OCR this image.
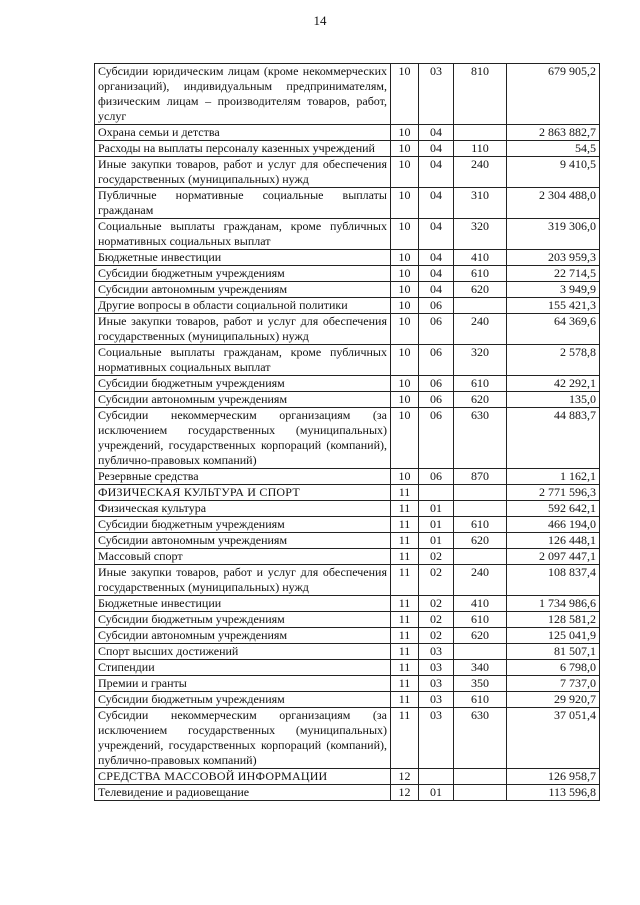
14
Субсидии юридическим лицам (кроме некоммерческих организаций), индивидуальным предпринимателям, физическим лицам – производителям товаров, работ, услуг	10	03	810	679 905,2
Охрана семьи и детства	10	04		2 863 882,7
Расходы на выплаты персоналу казенных учреждений	10	04	110	54,5
Иные закупки товаров, работ и услуг для обеспечения государственных (муниципальных) нужд	10	04	240	9 410,5
Публичные нормативные социальные выплаты гражданам	10	04	310	2 304 488,0
Социальные выплаты гражданам, кроме публичных нормативных социальных выплат	10	04	320	319 306,0
Бюджетные инвестиции	10	04	410	203 959,3
Субсидии бюджетным учреждениям	10	04	610	22 714,5
Субсидии автономным учреждениям	10	04	620	3 949,9
Другие вопросы в области социальной политики	10	06		155 421,3
Иные закупки товаров, работ и услуг для обеспечения государственных (муниципальных) нужд	10	06	240	64 369,6
Социальные выплаты гражданам, кроме публичных нормативных социальных выплат	10	06	320	2 578,8
Субсидии бюджетным учреждениям	10	06	610	42 292,1
Субсидии автономным учреждениям	10	06	620	135,0
Субсидии некоммерческим организациям (за исключением государственных (муниципальных) учреждений, государственных корпораций (компаний), публично-правовых компаний)	10	06	630	44 883,7
Резервные средства	10	06	870	1 162,1
ФИЗИЧЕСКАЯ КУЛЬТУРА И СПОРТ	11			2 771 596,3
Физическая культура	11	01		592 642,1
Субсидии бюджетным учреждениям	11	01	610	466 194,0
Субсидии автономным учреждениям	11	01	620	126 448,1
Массовый спорт	11	02		2 097 447,1
Иные закупки товаров, работ и услуг для обеспечения государственных (муниципальных) нужд	11	02	240	108 837,4
Бюджетные инвестиции	11	02	410	1 734 986,6
Субсидии бюджетным учреждениям	11	02	610	128 581,2
Субсидии автономным учреждениям	11	02	620	125 041,9
Спорт высших достижений	11	03		81 507,1
Стипендии	11	03	340	6 798,0
Премии и гранты	11	03	350	7 737,0
Субсидии бюджетным учреждениям	11	03	610	29 920,7
Субсидии некоммерческим организациям (за исключением государственных (муниципальных) учреждений, государственных корпораций (компаний), публично-правовых компаний)	11	03	630	37 051,4
СРЕДСТВА МАССОВОЙ ИНФОРМАЦИИ	12			126 958,7
Телевидение и радиовещание	12	01		113 596,8
